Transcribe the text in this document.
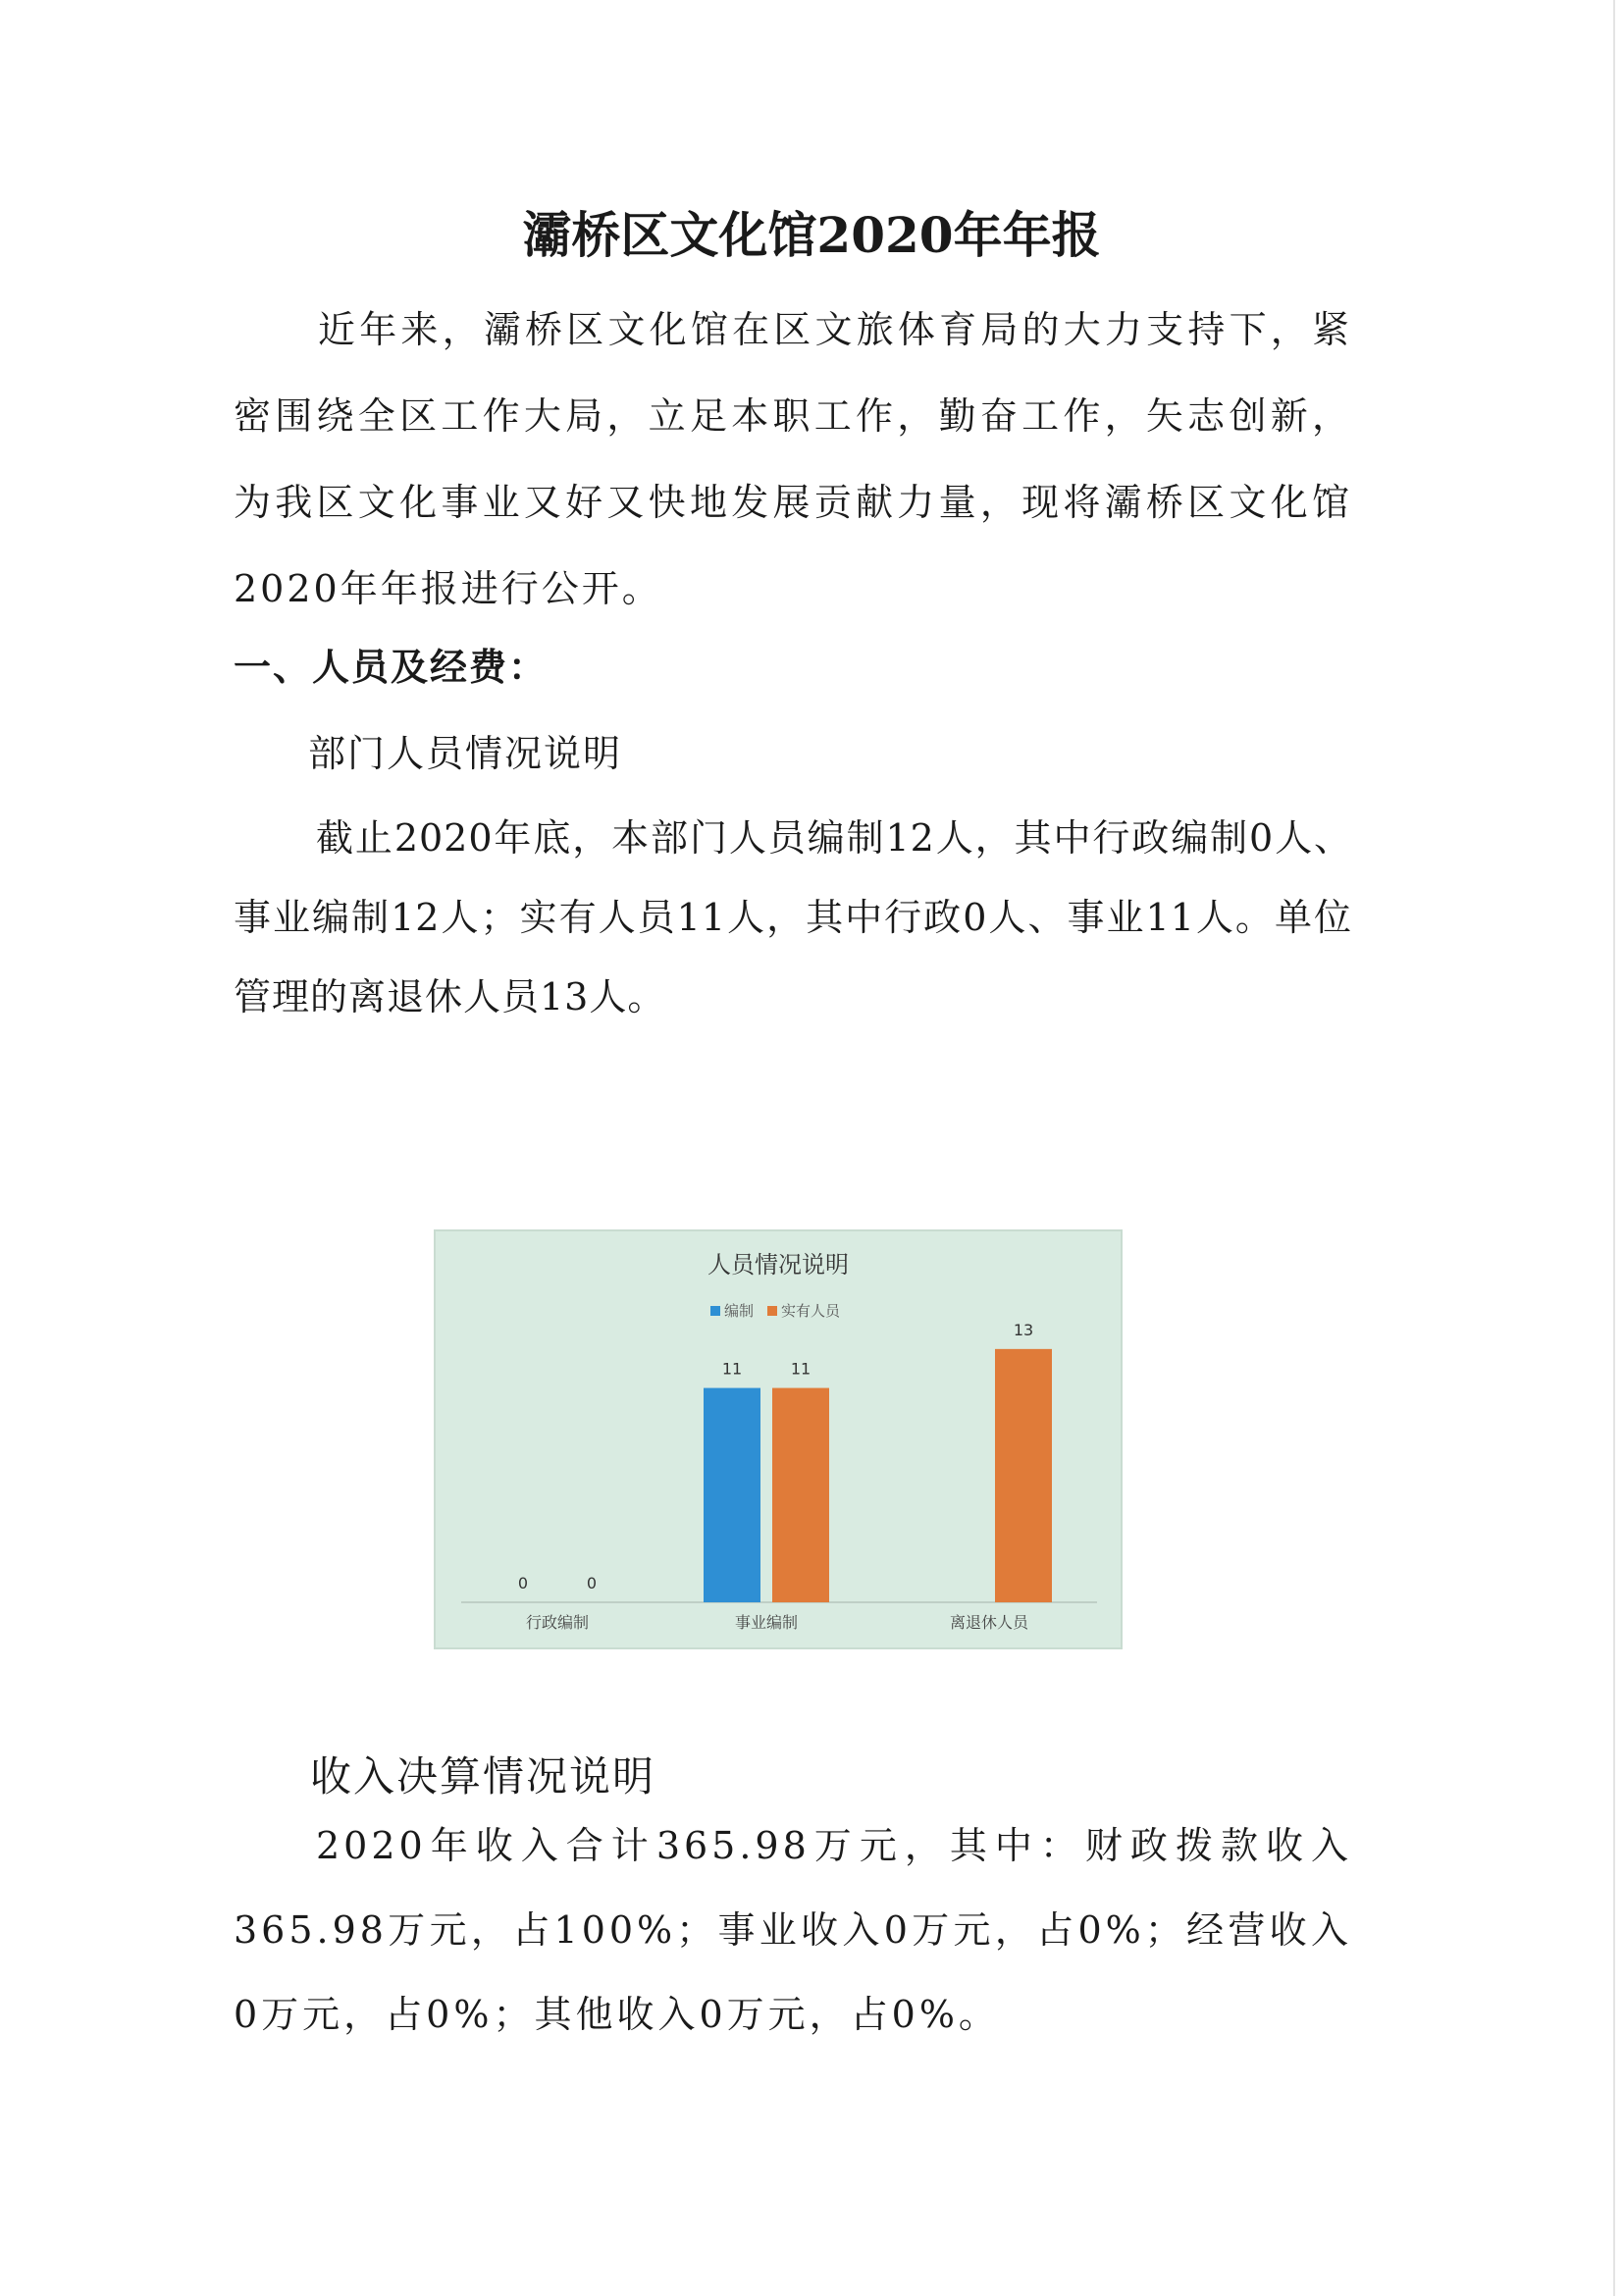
灞桥区文化馆2020年年报

近年来，灞桥区文化馆在区文旅体育局的大力支持下，紧密围绕全区工作大局，立足本职工作，勤奋工作，矢志创新，为我区文化事业又好又快地发展贡献力量，现将灞桥区文化馆2020年年报进行公开。

一、人员及经费：

部门人员情况说明

截止2020年底，本部门人员编制12人，其中行政编制0人、事业编制12人；实有人员11人，其中行政0人、事业11人。单位管理的离退休人员13人。

人员情况说明
编制 实有人员
0	0
11	11
13
行政编制	事业编制	离退休人员

收入决算情况说明

2020年收入合计365.98万元，其中：财政拨款收入365.98万元，占100%；事业收入0万元，占0%；经营收入0万元，占0%；其他收入0万元，占0%。
